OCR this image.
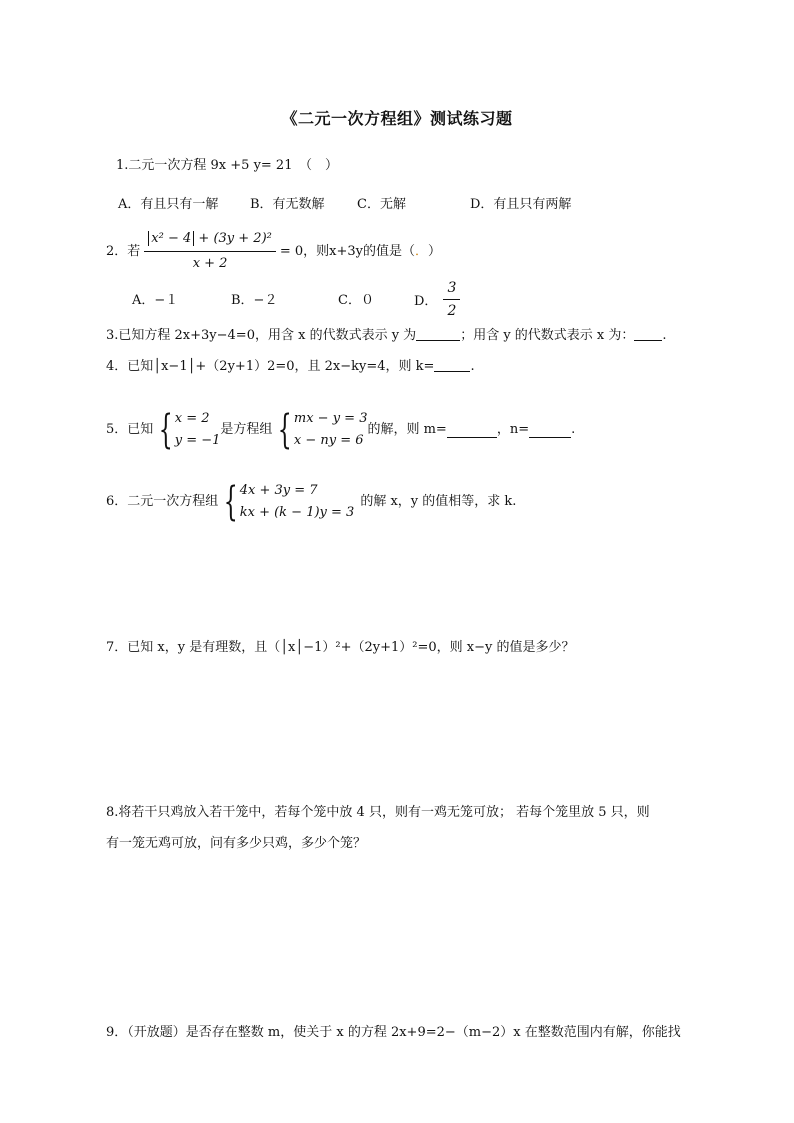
《二元一次方程组》测试练习题
1.二元一次方程 9x +5 y= 21　（　）
A．有且只有一解 B．有无数解 C．无解	D．有且只有两解
2．若 $\frac{\text{x² − 4 + (3y + 2)²}}{x + 2} = 0$，则x+3y的值是（ ． ）
A．−１	B．−２	C．０	D． $\frac{3}{2}$
3.已知方程 2x+3y−4=0，用含 x 的代数式表示 y 为	；用含 y 的代数式表示 x 为： .
4．已知│x−1│+（2y+1）2=0，且 2x−ky=4，则 k=	.
5．已知 { x = 2
y = −1
是方程组 { mx − y = 3
x − ny = 6
的解，则 m=	，n=	.
6．二元一次方程组 { 4x + 3y = 7
kx + (k − 1)y = 3
的解 x，y 的值相等，求 k.
7．已知 x，y 是有理数，且（│x│−1）²+（2y+1）²=0，则 x−y 的值是多少？
8.将若干只鸡放入若干笼中，若每个笼中放 4 只，则有一鸡无笼可放； 若每个笼里放 5 只，则
有一笼无鸡可放，问有多少只鸡，多少个笼？
9．（开放题）是否存在整数 m，使关于 x 的方程 2x+9=2−（m−2）x 在整数范围内有解，你能找
